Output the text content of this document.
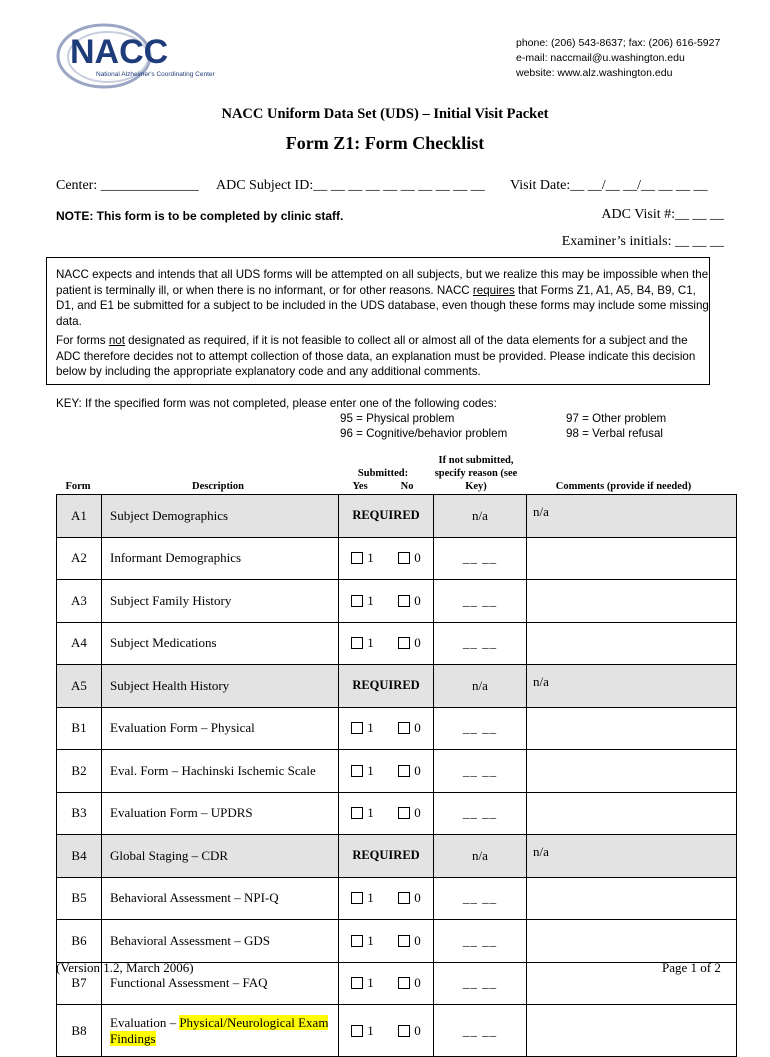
NACC
National Alzheimer's Coordinating Center
phone: (206) 543-8637; fax: (206) 616-5927
e-mail: naccmail@u.washington.edu
website: www.alz.washington.edu
NACC Uniform Data Set (UDS) – Initial Visit Packet
Form Z1: Form Checklist
Center: ______________ ADC Subject ID:__ __ __ __ __ __ __ __ __ __ Visit Date:__ __/__ __/__ __ __ __
NOTE: This form is to be completed by clinic staff.	ADC Visit #:__ __ __
Examiner’s initials: __ __ __

NACC expects and intends that all UDS forms will be attempted on all subjects, but we realize this may be impossible when the patient is terminally ill, or when there is no informant, or for other reasons. NACC requires that Forms Z1, A1, A5, B4, B9, C1, D1, and E1 be submitted for a subject to be included in the UDS database, even though these forms may include some missing data.

For forms not designated as required, if it is not feasible to collect all or almost all of the data elements for a subject and the ADC therefore decides not to attempt collection of those data, an explanation must be provided. Please indicate this decision below by including the appropriate explanatory code and any additional comments.

KEY: If the specified form was not completed, please enter one of the following codes:
95 = Physical problem
96 = Cognitive/behavior problem
97 = Other problem
98 = Verbal refusal
Form	Description
Submitted:
Yes	No
If not submitted, specify reason (see Key)	Comments (provide if needed)
A1	Subject Demographics	REQUIRED	n/a	n/a
A2	Informant Demographics	1 0	__ __	
A3	Subject Family History	1 0	__ __	
A4	Subject Medications	1 0	__ __	
A5	Subject Health History	REQUIRED	n/a	n/a
B1	Evaluation Form – Physical	1 0	__ __	
B2	Eval. Form – Hachinski Ischemic Scale	1 0	__ __	
B3	Evaluation Form – UPDRS	1 0	__ __	
B4	Global Staging – CDR	REQUIRED	n/a	n/a
B5	Behavioral Assessment – NPI-Q	1 0	__ __	
B6	Behavioral Assessment – GDS	1 0	__ __	
B7	Functional Assessment – FAQ	1 0	__ __	
B8	Evaluation – Physical/Neurological Exam Findings	1 0	__ __	
(Version 1.2, March 2006)	Page 1 of 2
